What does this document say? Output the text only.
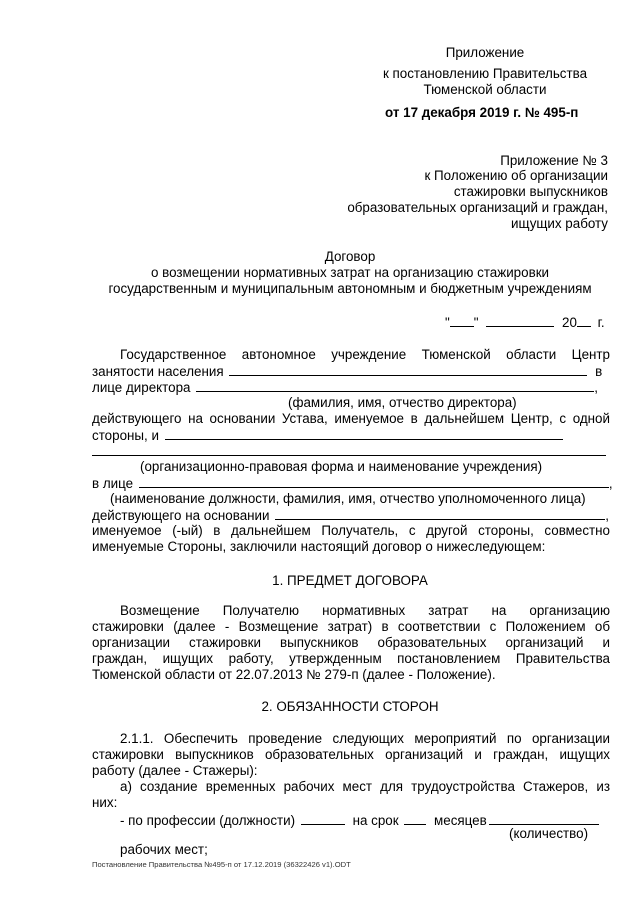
Приложение
к постановлению Правительства
Тюменской области
от 17 декабря 2019 г. № 495-п
Приложение № 3
к Положению об организации
стажировки выпускников
образовательных организаций и граждан,
ищущих работу
Договор
о возмещении нормативных затрат на организацию стажировки
государственным и муниципальным автономным и бюджетным учреждениям
" "	20 г.
Государственное автономное учреждение Тюменской области Центр
занятости населения	в
лице директора	,
(фамилия, имя, отчество директора)
действующего на основании Устава, именуемое в дальнейшем Центр, с одной
стороны, и
(организационно-правовая форма и наименование учреждения)
в лице	,
(наименование должности, фамилия, имя, отчество уполномоченного лица)
действующего на основании	,
именуемое (-ый) в дальнейшем Получатель, с другой стороны, совместно
именуемые Стороны, заключили настоящий договор о нижеследующем:
1. ПРЕДМЕТ ДОГОВОРА
Возмещение Получателю нормативных затрат на организацию
стажировки (далее - Возмещение затрат) в соответствии с Положением об
организации стажировки выпускников образовательных организаций и
граждан, ищущих работу, утвержденным постановлением Правительства
Тюменской области от 22.07.2013 № 279-п (далее - Положение).
2. ОБЯЗАННОСТИ СТОРОН
2.1.1. Обеспечить проведение следующих мероприятий по организации
стажировки выпускников образовательных организаций и граждан, ищущих
работу (далее - Стажеры):
а) создание временных рабочих мест для трудоустройства Стажеров, из
них:
- по профессии (должности)	на срок	месяцев
(количество)
рабочих мест;
Постановление Правительства №495-п от 17.12.2019 (36322426 v1).ODT
